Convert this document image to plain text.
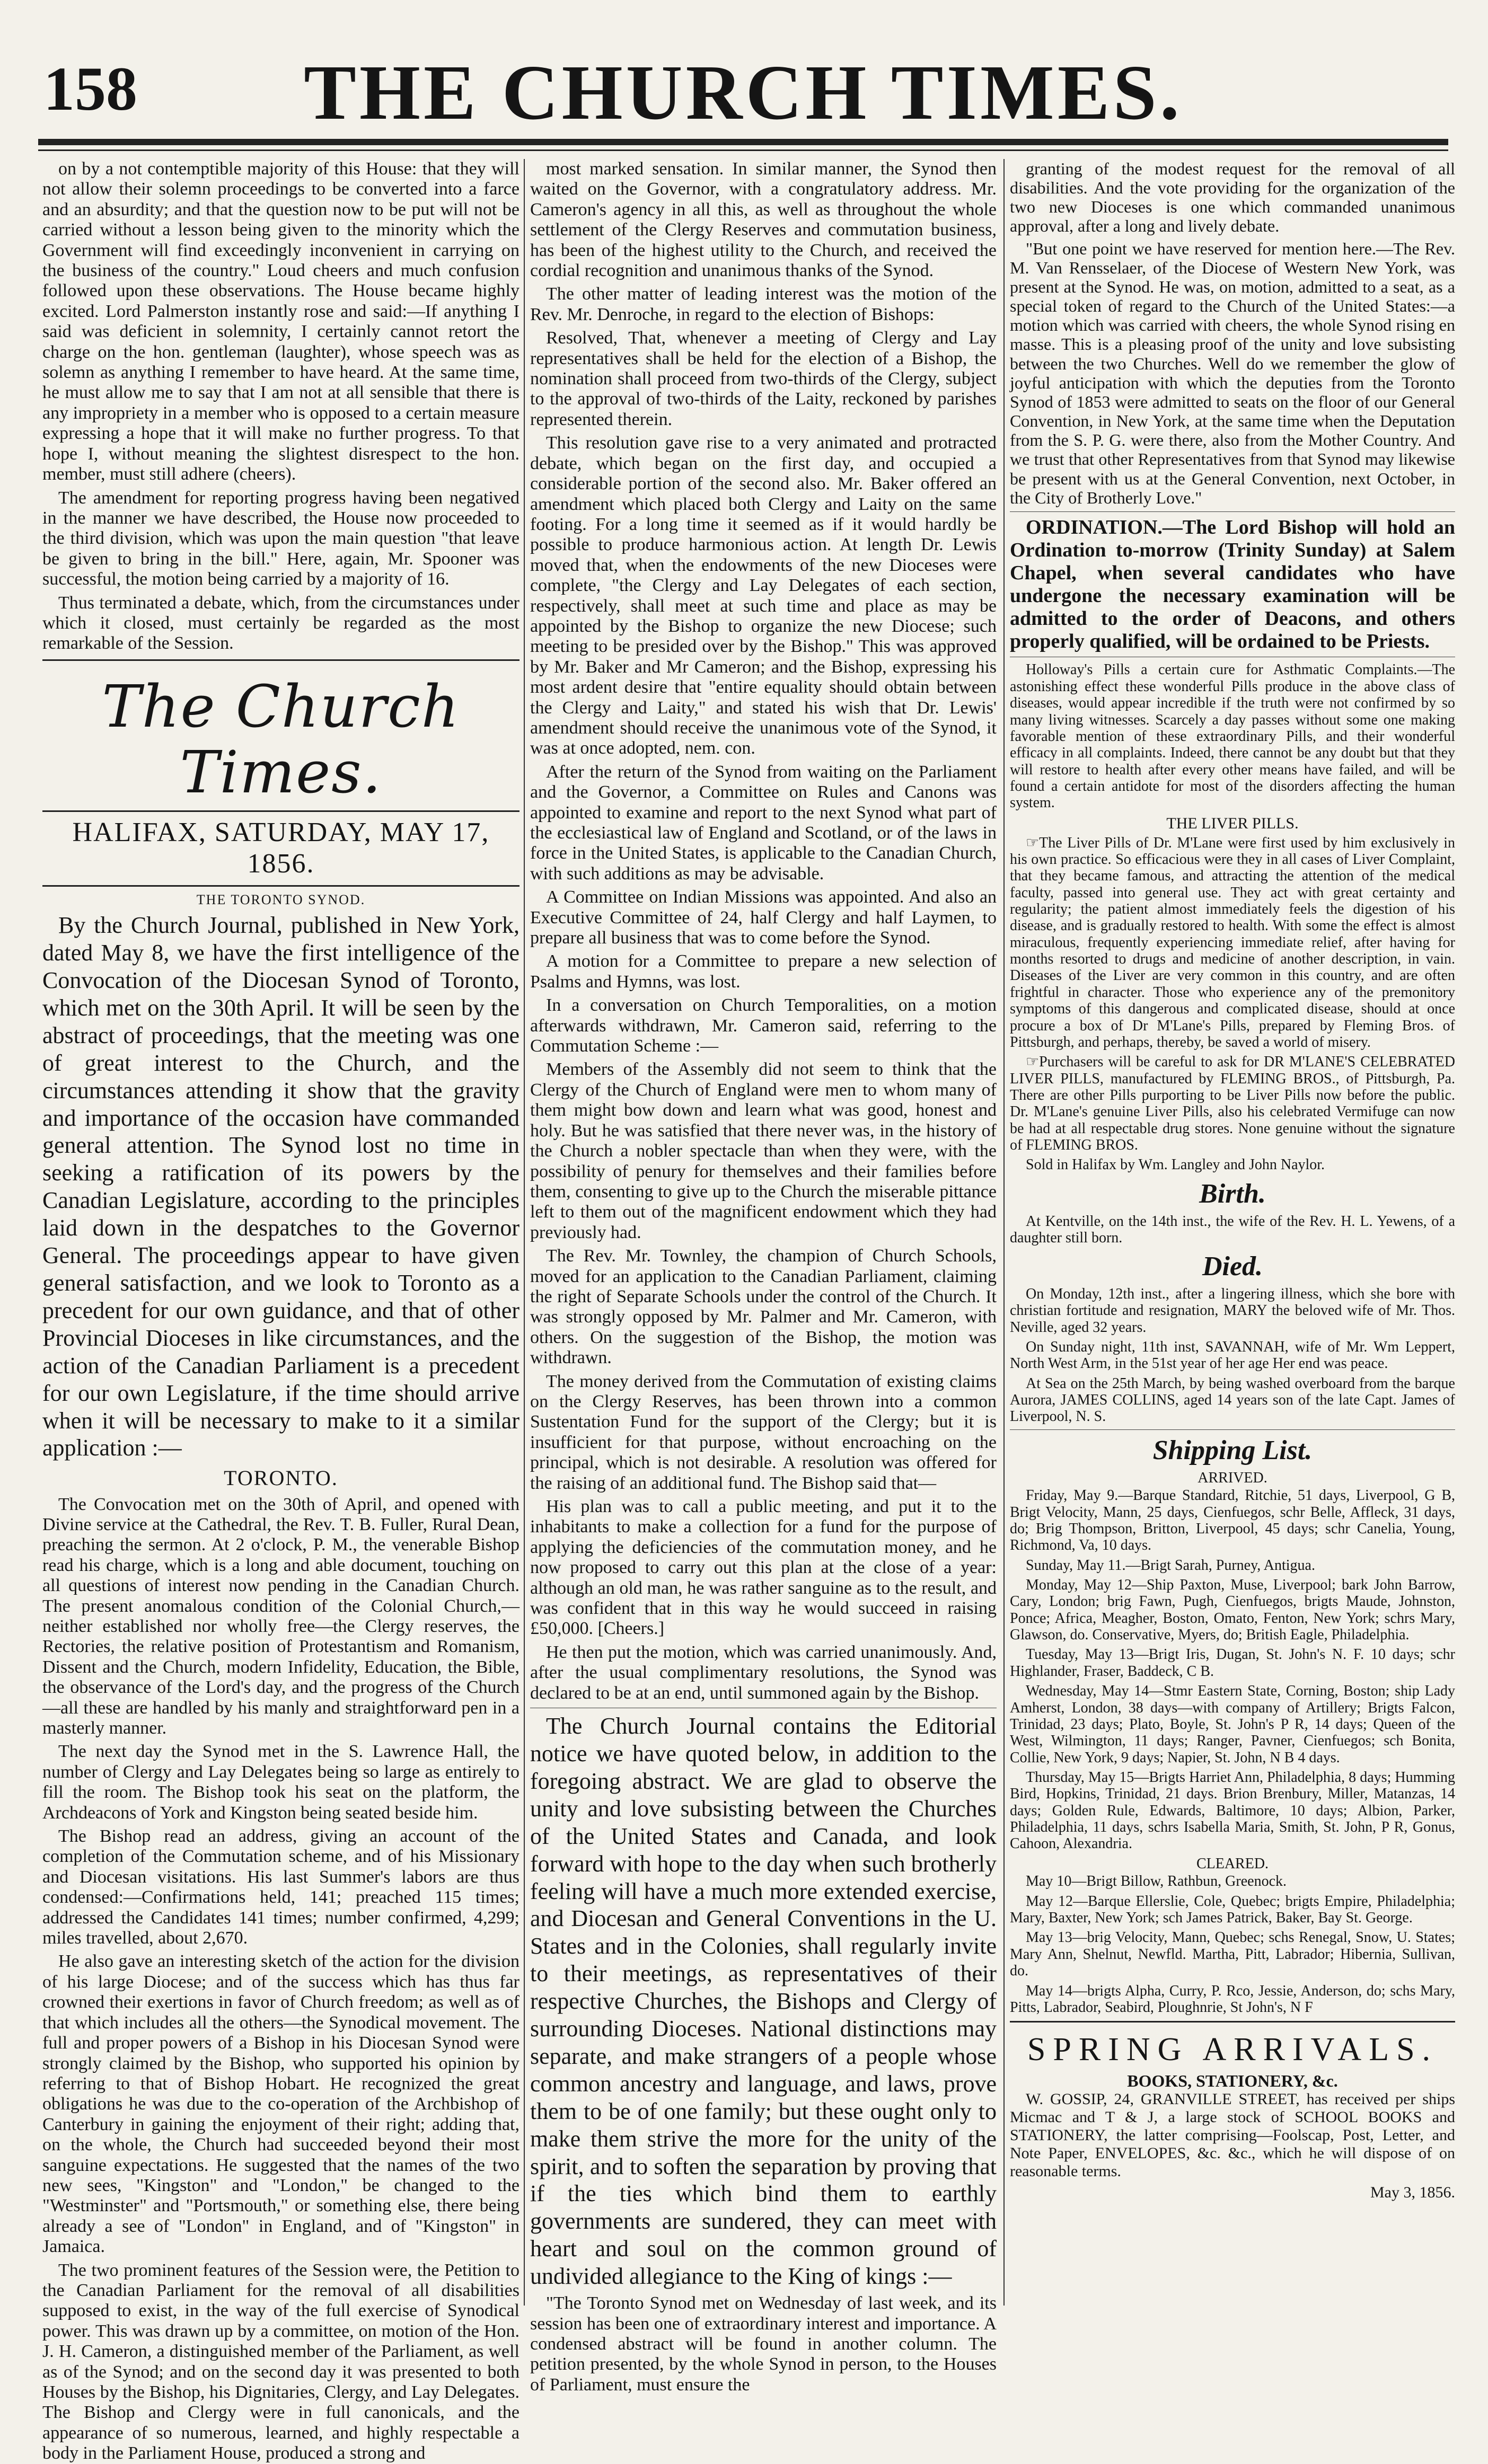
158	THE CHURCH TIMES.

on by a not contemptible majority of this House: that they will not allow their solemn proceedings to be converted into a farce and an absurdity; and that the question now to be put will not be carried without a lesson being given to the minority which the Government will find exceedingly inconvenient in carrying on the business of the country." Loud cheers and much confusion followed upon these observations. The House became highly excited. Lord Palmerston instantly rose and said:—If anything I said was deficient in solemnity, I certainly cannot retort the charge on the hon. gentleman (laughter), whose speech was as solemn as anything I remember to have heard. At the same time, he must allow me to say that I am not at all sensible that there is any impropriety in a member who is opposed to a certain measure expressing a hope that it will make no further progress. To that hope I, without meaning the slightest disrespect to the hon. member, must still adhere (cheers).

The amendment for reporting progress having been negatived in the manner we have described, the House now proceeded to the third division, which was upon the main question "that leave be given to bring in the bill." Here, again, Mr. Spooner was successful, the motion being carried by a majority of 16.

Thus terminated a debate, which, from the circumstances under which it closed, must certainly be regarded as the most remarkable of the Session.

The Church Times.
HALIFAX, SATURDAY, MAY 17, 1856.
THE TORONTO SYNOD.

By the Church Journal, published in New York, dated May 8, we have the first intelligence of the Convocation of the Diocesan Synod of Toronto, which met on the 30th April. It will be seen by the abstract of proceedings, that the meeting was one of great interest to the Church, and the circumstances attending it show that the gravity and importance of the occasion have commanded general attention. The Synod lost no time in seeking a ratification of its powers by the Canadian Legislature, according to the principles laid down in the despatches to the Governor General. The proceedings appear to have given general satisfaction, and we look to Toronto as a precedent for our own guidance, and that of other Provincial Dioceses in like circumstances, and the action of the Canadian Parliament is a precedent for our own Legislature, if the time should arrive when it will be necessary to make to it a similar application :—

TORONTO.

The Convocation met on the 30th of April, and opened with Divine service at the Cathedral, the Rev. T. B. Fuller, Rural Dean, preaching the sermon. At 2 o'clock, P. M., the venerable Bishop read his charge, which is a long and able document, touching on all questions of interest now pending in the Canadian Church. The present anomalous condition of the Colonial Church,—neither established nor wholly free—the Clergy reserves, the Rectories, the relative position of Protestantism and Romanism, Dissent and the Church, modern Infidelity, Education, the Bible, the observance of the Lord's day, and the progress of the Church—all these are handled by his manly and straightforward pen in a masterly manner.

The next day the Synod met in the S. Lawrence Hall, the number of Clergy and Lay Delegates being so large as entirely to fill the room. The Bishop took his seat on the platform, the Archdeacons of York and Kingston being seated beside him.

The Bishop read an address, giving an account of the completion of the Commutation scheme, and of his Missionary and Diocesan visitations. His last Summer's labors are thus condensed:—Confirmations held, 141; preached 115 times; addressed the Candidates 141 times; number confirmed, 4,299; miles travelled, about 2,670.

He also gave an interesting sketch of the action for the division of his large Diocese; and of the success which has thus far crowned their exertions in favor of Church freedom; as well as of that which includes all the others—the Synodical movement. The full and proper powers of a Bishop in his Diocesan Synod were strongly claimed by the Bishop, who supported his opinion by referring to that of Bishop Hobart. He recognized the great obligations he was due to the co-operation of the Archbishop of Canterbury in gaining the enjoyment of their right; adding that, on the whole, the Church had succeeded beyond their most sanguine expectations. He suggested that the names of the two new sees, "Kingston" and "London," be changed to the "Westminster" and "Portsmouth," or something else, there being already a see of "London" in England, and of "Kingston" in Jamaica.

The two prominent features of the Session were, the Petition to the Canadian Parliament for the removal of all disabilities supposed to exist, in the way of the full exercise of Synodical power. This was drawn up by a committee, on motion of the Hon. J. H. Cameron, a distinguished member of the Parliament, as well as of the Synod; and on the second day it was presented to both Houses by the Bishop, his Dignitaries, Clergy, and Lay Delegates. The Bishop and Clergy were in full canonicals, and the appearance of so numerous, learned, and highly respectable a body in the Parliament House, produced a strong and

most marked sensation. In similar manner, the Synod then waited on the Governor, with a congratulatory address. Mr. Cameron's agency in all this, as well as throughout the whole settlement of the Clergy Reserves and commutation business, has been of the highest utility to the Church, and received the cordial recognition and unanimous thanks of the Synod.

The other matter of leading interest was the motion of the Rev. Mr. Denroche, in regard to the election of Bishops:

Resolved, That, whenever a meeting of Clergy and Lay representatives shall be held for the election of a Bishop, the nomination shall proceed from two-thirds of the Clergy, subject to the approval of two-thirds of the Laity, reckoned by parishes represented therein.

This resolution gave rise to a very animated and protracted debate, which began on the first day, and occupied a considerable portion of the second also. Mr. Baker offered an amendment which placed both Clergy and Laity on the same footing. For a long time it seemed as if it would hardly be possible to produce harmonious action. At length Dr. Lewis moved that, when the endowments of the new Dioceses were complete, "the Clergy and Lay Delegates of each section, respectively, shall meet at such time and place as may be appointed by the Bishop to organize the new Diocese; such meeting to be presided over by the Bishop." This was approved by Mr. Baker and Mr Cameron; and the Bishop, expressing his most ardent desire that "entire equality should obtain between the Clergy and Laity," and stated his wish that Dr. Lewis' amendment should receive the unanimous vote of the Synod, it was at once adopted, nem. con.

After the return of the Synod from waiting on the Parliament and the Governor, a Committee on Rules and Canons was appointed to examine and report to the next Synod what part of the ecclesiastical law of England and Scotland, or of the laws in force in the United States, is applicable to the Canadian Church, with such additions as may be advisable.

A Committee on Indian Missions was appointed. And also an Executive Committee of 24, half Clergy and half Laymen, to prepare all business that was to come before the Synod.

A motion for a Committee to prepare a new selection of Psalms and Hymns, was lost.

In a conversation on Church Temporalities, on a motion afterwards withdrawn, Mr. Cameron said, referring to the Commutation Scheme :—

Members of the Assembly did not seem to think that the Clergy of the Church of England were men to whom many of them might bow down and learn what was good, honest and holy. But he was satisfied that there never was, in the history of the Church a nobler spectacle than when they were, with the possibility of penury for themselves and their families before them, consenting to give up to the Church the miserable pittance left to them out of the magnificent endowment which they had previously had.

The Rev. Mr. Townley, the champion of Church Schools, moved for an application to the Canadian Parliament, claiming the right of Separate Schools under the control of the Church. It was strongly opposed by Mr. Palmer and Mr. Cameron, with others. On the suggestion of the Bishop, the motion was withdrawn.

The money derived from the Commutation of existing claims on the Clergy Reserves, has been thrown into a common Sustentation Fund for the support of the Clergy; but it is insufficient for that purpose, without encroaching on the principal, which is not desirable. A resolution was offered for the raising of an additional fund. The Bishop said that—

His plan was to call a public meeting, and put it to the inhabitants to make a collection for a fund for the purpose of applying the deficiencies of the commutation money, and he now proposed to carry out this plan at the close of a year: although an old man, he was rather sanguine as to the result, and was confident that in this way he would succeed in raising £50,000. [Cheers.]

He then put the motion, which was carried unanimously. And, after the usual complimentary resolutions, the Synod was declared to be at an end, until summoned again by the Bishop.

The Church Journal contains the Editorial notice we have quoted below, in addition to the foregoing abstract. We are glad to observe the unity and love subsisting between the Churches of the United States and Canada, and look forward with hope to the day when such brotherly feeling will have a much more extended exercise, and Diocesan and General Conventions in the U. States and in the Colonies, shall regularly invite to their meetings, as representatives of their respective Churches, the Bishops and Clergy of surrounding Dioceses. National distinctions may separate, and make strangers of a people whose common ancestry and language, and laws, prove them to be of one family; but these ought only to make them strive the more for the unity of the spirit, and to soften the separation by proving that if the ties which bind them to earthly governments are sundered, they can meet with heart and soul on the common ground of undivided allegiance to the King of kings :—

"The Toronto Synod met on Wednesday of last week, and its session has been one of extraordinary interest and importance. A condensed abstract will be found in another column. The petition presented, by the whole Synod in person, to the Houses of Parliament, must ensure the

granting of the modest request for the removal of all disabilities. And the vote providing for the organization of the two new Dioceses is one which commanded unanimous approval, after a long and lively debate.

"But one point we have reserved for mention here.—The Rev. M. Van Rensselaer, of the Diocese of Western New York, was present at the Synod. He was, on motion, admitted to a seat, as a special token of regard to the Church of the United States:—a motion which was carried with cheers, the whole Synod rising en masse. This is a pleasing proof of the unity and love subsisting between the two Churches. Well do we remember the glow of joyful anticipation with which the deputies from the Toronto Synod of 1853 were admitted to seats on the floor of our General Convention, in New York, at the same time when the Deputation from the S. P. G. were there, also from the Mother Country. And we trust that other Representatives from that Synod may likewise be present with us at the General Convention, next October, in the City of Brotherly Love."

ORDINATION.—The Lord Bishop will hold an Ordination to-morrow (Trinity Sunday) at Salem Chapel, when several candidates who have undergone the necessary examination will be admitted to the order of Deacons, and others properly qualified, will be ordained to be Priests.

Holloway's Pills a certain cure for Asthmatic Complaints.—The astonishing effect these wonderful Pills produce in the above class of diseases, would appear incredible if the truth were not confirmed by so many living witnesses. Scarcely a day passes without some one making favorable mention of these extraordinary Pills, and their wonderful efficacy in all complaints. Indeed, there cannot be any doubt but that they will restore to health after every other means have failed, and will be found a certain antidote for most of the disorders affecting the human system.

THE LIVER PILLS.

☞The Liver Pills of Dr. M'Lane were first used by him exclusively in his own practice. So efficacious were they in all cases of Liver Complaint, that they became famous, and attracting the attention of the medical faculty, passed into general use. They act with great certainty and regularity; the patient almost immediately feels the digestion of his disease, and is gradually restored to health. With some the effect is almost miraculous, frequently experiencing immediate relief, after having for months resorted to drugs and medicine of another description, in vain. Diseases of the Liver are very common in this country, and are often frightful in character. Those who experience any of the premonitory symptoms of this dangerous and complicated disease, should at once procure a box of Dr M'Lane's Pills, prepared by Fleming Bros. of Pittsburgh, and perhaps, thereby, be saved a world of misery.

☞Purchasers will be careful to ask for DR M'LANE'S CELEBRATED LIVER PILLS, manufactured by FLEMING BROS., of Pittsburgh, Pa. There are other Pills purporting to be Liver Pills now before the public. Dr. M'Lane's genuine Liver Pills, also his celebrated Vermifuge can now be had at all respectable drug stores. None genuine without the signature of FLEMING BROS.

Sold in Halifax by Wm. Langley and John Naylor.

Birth.

At Kentville, on the 14th inst., the wife of the Rev. H. L. Yewens, of a daughter still born.

Died.

On Monday, 12th inst., after a lingering illness, which she bore with christian fortitude and resignation, MARY the beloved wife of Mr. Thos. Neville, aged 32 years.

On Sunday night, 11th inst, SAVANNAH, wife of Mr. Wm Leppert, North West Arm, in the 51st year of her age Her end was peace.

At Sea on the 25th March, by being washed overboard from the barque Aurora, JAMES COLLINS, aged 14 years son of the late Capt. James of Liverpool, N. S.

Shipping List.
ARRIVED.

Friday, May 9.—Barque Standard, Ritchie, 51 days, Liverpool, G B, Brigt Velocity, Mann, 25 days, Cienfuegos, schr Belle, Affleck, 31 days, do; Brig Thompson, Britton, Liverpool, 45 days; schr Canelia, Young, Richmond, Va, 10 days.

Sunday, May 11.—Brigt Sarah, Purney, Antigua.

Monday, May 12—Ship Paxton, Muse, Liverpool; bark John Barrow, Cary, London; brig Fawn, Pugh, Cienfuegos, brigts Maude, Johnston, Ponce; Africa, Meagher, Boston, Omato, Fenton, New York; schrs Mary, Glawson, do. Conservative, Myers, do; British Eagle, Philadelphia.

Tuesday, May 13—Brigt Iris, Dugan, St. John's N. F. 10 days; schr Highlander, Fraser, Baddeck, C B.

Wednesday, May 14—Stmr Eastern State, Corning, Boston; ship Lady Amherst, London, 38 days—with company of Artillery; Brigts Falcon, Trinidad, 23 days; Plato, Boyle, St. John's P R, 14 days; Queen of the West, Wilmington, 11 days; Ranger, Pavner, Cienfuegos; sch Bonita, Collie, New York, 9 days; Napier, St. John, N B 4 days.

Thursday, May 15—Brigts Harriet Ann, Philadelphia, 8 days; Humming Bird, Hopkins, Trinidad, 21 days. Brion Brenbury, Miller, Matanzas, 14 days; Golden Rule, Edwards, Baltimore, 10 days; Albion, Parker, Philadelphia, 11 days, schrs Isabella Maria, Smith, St. John, P R, Gonus, Cahoon, Alexandria.

CLEARED.

May 10—Brigt Billow, Rathbun, Greenock.

May 12—Barque Ellerslie, Cole, Quebec; brigts Empire, Philadelphia; Mary, Baxter, New York; sch James Patrick, Baker, Bay St. George.

May 13—brig Velocity, Mann, Quebec; schs Renegal, Snow, U. States; Mary Ann, Shelnut, Newfld. Martha, Pitt, Labrador; Hibernia, Sullivan, do.

May 14—brigts Alpha, Curry, P. Rco, Jessie, Anderson, do; schs Mary, Pitts, Labrador, Seabird, Ploughnrie, St John's, N F

SPRING ARRIVALS.
BOOKS, STATIONERY, &c.

W. GOSSIP, 24, GRANVILLE STREET, has received per ships Micmac and T & J, a large stock of SCHOOL BOOKS and STATIONERY, the latter comprising—Foolscap, Post, Letter, and Note Paper, ENVELOPES, &c. &c., which he will dispose of on reasonable terms.

May 3, 1856.
